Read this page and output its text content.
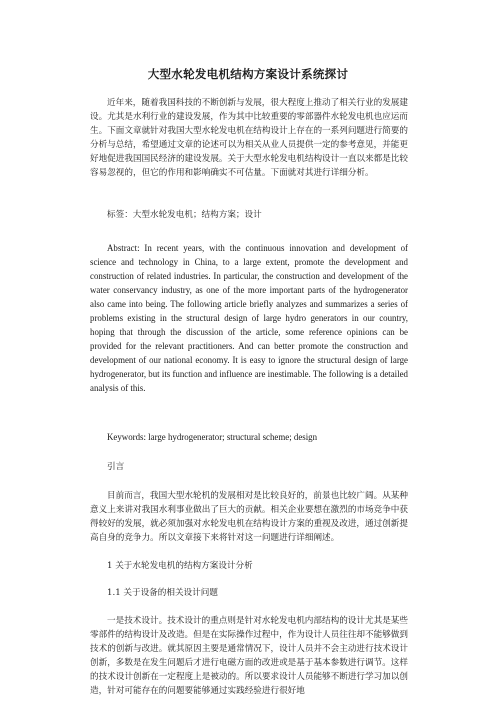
大型水轮发电机结构方案设计系统探讨

近年来，随着我国科技的不断创新与发展，很大程度上推动了相关行业的发展建设。尤其是水利行业的建设发展，作为其中比较重要的零部器件水轮发电机也应运而生。下面文章就针对我国大型水轮发电机在结构设计上存在的一系列问题进行简要的分析与总结，希望通过文章的论述可以为相关从业人员提供一定的参考意见，并能更好地促进我国国民经济的建设发展。关于大型水轮发电机结构设计一直以来都是比较容易忽视的，但它的作用和影响确实不可估量。下面就对其进行详细分析。

标签：大型水轮发电机；结构方案；设计

Abstract: In recent years, with the continuous innovation and development of science and technology in China, to a large extent, promote the development and construction of related industries. In particular, the construction and development of the water conservancy industry, as one of the more important parts of the hydrogenerator also came into being. The following article briefly analyzes and summarizes a series of problems existing in the structural design of large hydro generators in our country, hoping that through the discussion of the article, some reference opinions can be provided for the relevant practitioners. And can better promote the construction and development of our national economy. It is easy to ignore the structural design of large hydrogenerator, but its function and influence are inestimable. The following is a detailed analysis of this.

Keywords: large hydrogenerator; structural scheme; design

引言

目前而言，我国大型水轮机的发展相对是比较良好的，前景也比较广阔。从某种意义上来讲对我国水利事业做出了巨大的贡献。相关企业要想在激烈的市场竞争中获得较好的发展，就必须加强对水轮发电机在结构设计方案的重视及改进，通过创新提高自身的竞争力。所以文章接下来将针对这一问题进行详细阐述。

1 关于水轮发电机的结构方案设计分析

1.1 关于设备的相关设计问题

一是技术设计。技术设计的重点则是针对水轮发电机内部结构的设计尤其是某些零部件的结构设计及改造。但是在实际操作过程中，作为设计人员往往却不能够做到技术的创新与改进。就其原因主要是通常情况下，设计人员并不会主动进行技术设计创新，多数是在发生问题后才进行电磁方面的改进或是基于基本参数进行调节。这样的技术设计创新在一定程度上是被动的。所以要求设计人员能够不断进行学习加以创造，针对可能存在的问题要能够通过实践经验进行很好地
